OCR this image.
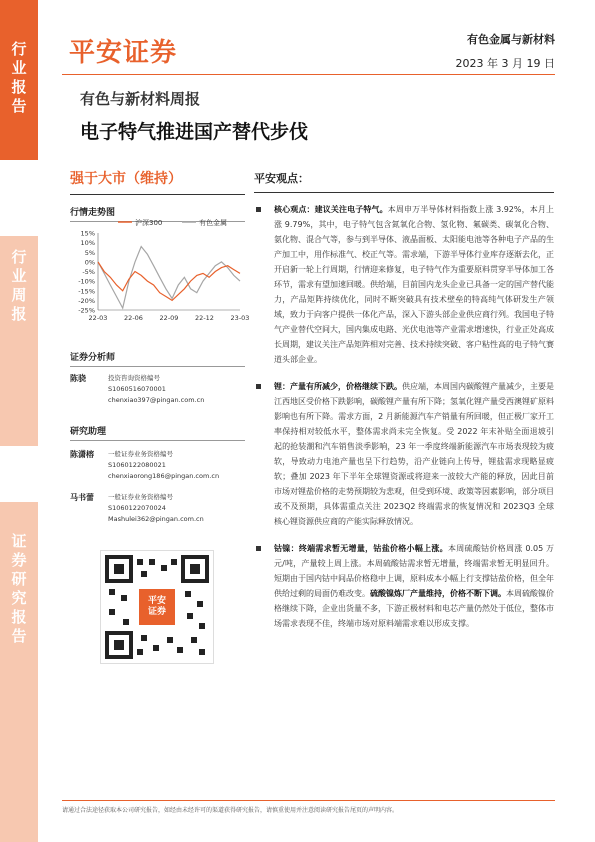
行
业
报
告
行
业
周
报
证
券
研
究
报
告
平安证券	有色金属与新材料
2023 年 3 月 19 日
有色与新材料周报
电子特气推进国产替代步伐
强于大市（维持）
行情走势图
沪深300	有色金属
15%
10%
5%
0%
-5%
-10%
-15%
-20%
-25%
22-03	22-06	22-09	22-12	23-03
证券分析师
陈骁	投资咨询资格编号
S1060516070001
chenxiao397@pingan.com.cn
研究助理
陈潇榕	一般证券业务资格编号
S1060122080021
chenxiaorong186@pingan.com.cn
马书蕾	一般证券业务资格编号
S1060122070024
Mashulei362@pingan.com.cn
平安
证券
平安观点：
核心观点：建议关注电子特气。本周申万半导体材料指数上涨 3.92%，本月上涨 9.79%，其中，电子特气包含氮氧化合物、氢化物、氟碳类、碳氧化合物、氨化物、混合气等，参与到半导体、液晶面板、太阳能电池等各种电子产品的生产加工中，用作标准气、校正气等。需求端，下游半导体行业库存逐渐去化，正开启新一轮上行周期，行情迎来修复，电子特气作为重要原料贯穿半导体加工各环节，需求有望加速回暖。供给端，目前国内龙头企业已具备一定的国产替代能力，产品矩阵持续优化，同时不断突破具有技术壁垒的特高纯气体研发生产领域，致力于向客户提供一体化产品，深入下游头部企业供应商行列。我国电子特气产业替代空间大，国内集成电路、光伏电池等产业需求增速快，行业正处高成长周期，建议关注产品矩阵相对完善、技术持续突破、客户粘性高的电子特气赛道头部企业。
锂：产量有所减少，价格继续下跌。供应端，本周国内碳酸锂产量减少，主要是江西地区受价格下跌影响，碳酸锂产量有所下降；氢氧化锂产量受西澳锂矿原料影响也有所下降。需求方面，2 月新能源汽车产销量有所回暖，但正极厂家开工率保持相对较低水平，整体需求尚未完全恢复。受 2022 年末补贴全面退坡引起的抢装潮和汽车销售淡季影响，23 年一季度终端新能源汽车市场表现较为疲软，导致动力电池产量也呈下行趋势，沿产业链向上传导，锂盐需求现略显疲软；叠加 2023 年下半年全球锂资源或将迎来一波较大产能的释放，因此目前市场对锂盐价格的走势预期较为悲观，但受到环境、政策等因素影响，部分项目或不及预期，具体需重点关注 2023Q2 终端需求的恢复情况和 2023Q3 全球核心锂资源供应商的产能实际释放情况。
钴镍：终端需求暂无增量，钴盐价格小幅上涨。本周硫酸钴价格周涨 0.05 万元/吨，产量较上周上涨。本周硫酸钴需求暂无增量，终端需求暂无明显回升。短期由于国内钴中间品价格稳中上调，原料成本小幅上行支撑钴盐价格，但全年供给过剩的局面仍难改变。硫酸镍炼厂产量维持，价格不断下调。本周硫酸镍价格继续下降，企业出货量不多，下游正极材料和电芯产量仍然处于低位，整体市场需求表现不佳，终端市场对原料端需求难以形成支撑。
请通过合法途径获取本公司研究报告，如经由未经许可的渠道获得研究报告，请慎重使用并注意阅读研究报告尾页的声明内容。
